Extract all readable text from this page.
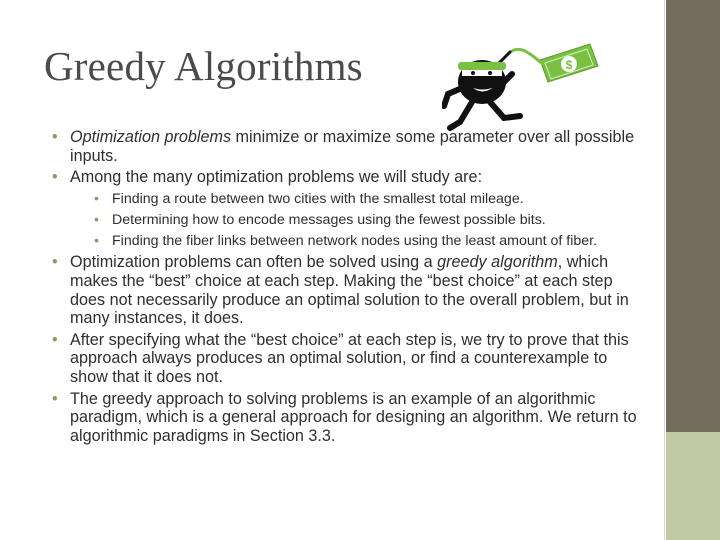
Greedy Algorithms	$
• Optimization problems minimize or maximize some parameter over all possible inputs.
• Among the many optimization problems we will study are:
• Finding a route between two cities with the smallest total mileage.
• Determining how to encode messages using the fewest possible bits.
• Finding the fiber links between network nodes using the least amount of fiber.
• Optimization problems can often be solved using a greedy algorithm, which makes the “best” choice at each step. Making the “best choice” at each step does not necessarily produce an optimal solution to the overall problem, but in many instances, it does.
• After specifying what the “best choice” at each step is, we try to prove that this approach always produces an optimal solution, or find a counterexample to show that it does not.
• The greedy approach to solving problems is an example of an algorithmic paradigm, which is a general approach for designing an algorithm. We return to algorithmic paradigms in Section 3.3.
